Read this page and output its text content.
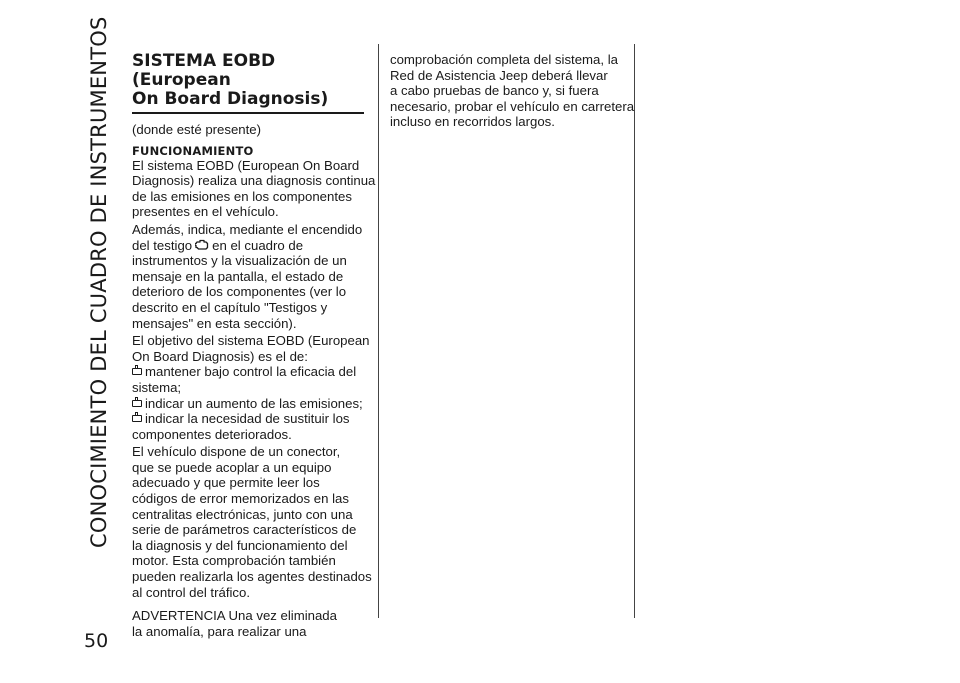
CONOCIMIENTO DEL CUADRO DE INSTRUMENTOS
50
SISTEMA EOBD (European
On Board Diagnosis)

(donde esté presente)

FUNCIONAMIENTO

El sistema EOBD (European On Board
Diagnosis) realiza una diagnosis continua
de las emisiones en los componentes
presentes en el vehículo.

Además, indica, mediante el encendido
del testigo en el cuadro de
instrumentos y la visualización de un
mensaje en la pantalla, el estado de
deterioro de los componentes (ver lo
descrito en el capítulo "Testigos y
mensajes" en esta sección).

El objetivo del sistema EOBD (European
On Board Diagnosis) es el de:

mantener bajo control la eficacia del
sistema;
indicar un aumento de las emisiones;
indicar la necesidad de sustituir los
componentes deteriorados.

El vehículo dispone de un conector,
que se puede acoplar a un equipo
adecuado y que permite leer los
códigos de error memorizados en las
centralitas electrónicas, junto con una
serie de parámetros característicos de
la diagnosis y del funcionamiento del
motor. Esta comprobación también
pueden realizarla los agentes destinados
al control del tráfico.

ADVERTENCIA Una vez eliminada
la anomalía, para realizar una

comprobación completa del sistema, la
Red de Asistencia Jeep deberá llevar
a cabo pruebas de banco y, si fuera
necesario, probar el vehículo en carretera
incluso en recorridos largos.
